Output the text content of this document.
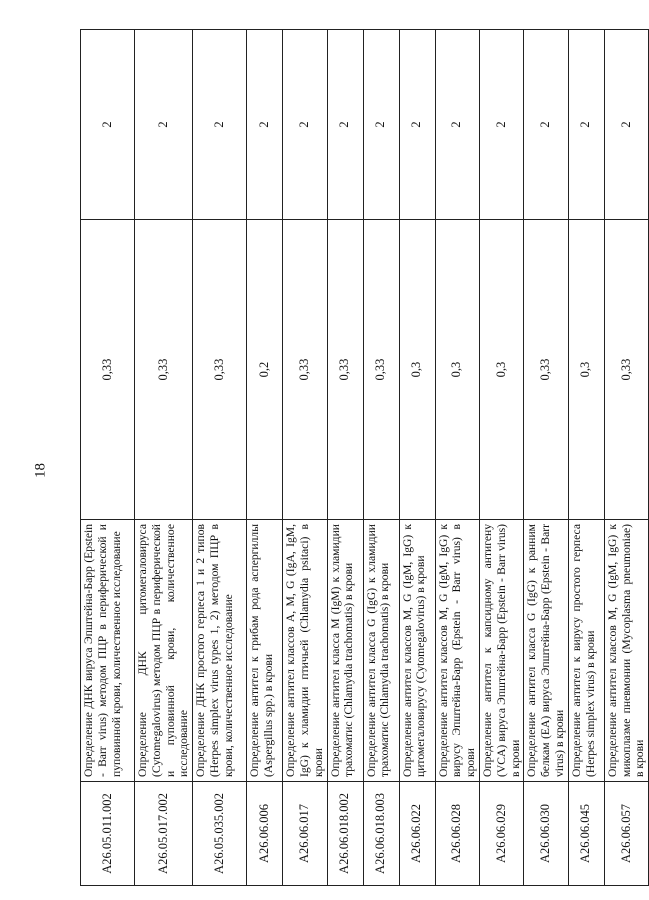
18
A26.05.011.002	Определение ДНК вируса Эпштейна-Барр (Epstein - Barr virus) методом ПЦР в периферической и пуповинной крови, количественное исследование	0,33	2
A26.05.017.002	Определение ДНК цитомегаловируса (Cytomegalovirus) методом ПЦР в периферической и пуповинной крови, количественное исследование	0,33	2
A26.05.035.002	Определение ДНК простого герпеса 1 и 2 типов (Herpes simplex virus types 1, 2) методом ПЦР в крови, количественное исследование	0,33	2
A26.06.006	Определение антител к грибам рода аспергиллы (Aspergillus spp.) в крови	0,2	2
A26.06.017	Определение антител классов A, M, G (IgA, IgM, IgG) к хламидии птичьей (Chlamydia psitaci) в крови	0,33	2
A26.06.018.002	Определение антител класса M (IgM) к хламидии трахоматис (Chlamydia trachomatis) в крови	0,33	2
A26.06.018.003	Определение антител класса G (IgG) к хламидии трахоматис (Chlamydia trachomatis) в крови	0,33	2
A26.06.022	Определение антител классов M, G (IgM, IgG) к цитомегаловирусу (Cytomegalovirus) в крови	0,3	2
A26.06.028	Определение антител классов M, G (IgM, IgG) к вирусу Эпштейна-Барр (Epstein - Barr virus) в крови	0,3	2
A26.06.029	Определение антител к капсидному антигену (VCA) вируса Эпштейна-Барр (Epstein - Barr virus) в крови	0,3	2
A26.06.030	Определение антител класса G (IgG) к ранним белкам (EA) вируса Эпштейна-Барр (Epstein - Barr virus) в крови	0,33	2
A26.06.045	Определение антител к вирусу простого герпеса (Herpes simplex virus) в крови	0,3	2
A26.06.057	Определение антител классов M, G (IgM, IgG) к микоплазме пневмонии (Mycoplasma pneumoniae) в крови	0,33	2
